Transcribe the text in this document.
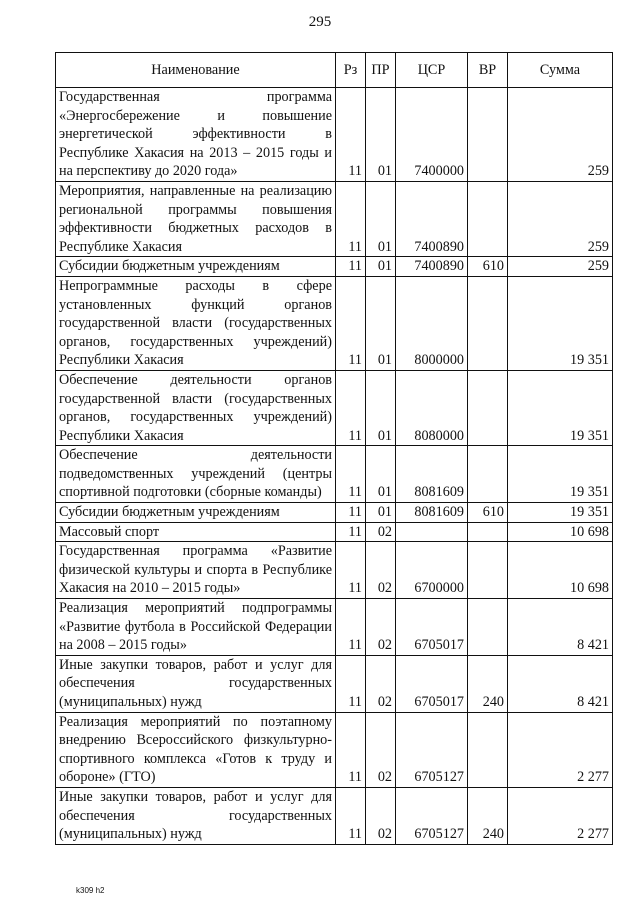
295
Наименование	Рз	ПР	ЦСР	ВР	Сумма
Государственная программа «Энергосбережение и повышение энергетической эффективности в Республике Хакасия на 2013 – 2015 годы и на перспективу до 2020 года»	11	01	7400000		259
Мероприятия, направленные на реализацию региональной программы повышения эффективности бюджетных расходов в Республике Хакасия	11	01	7400890		259
Субсидии бюджетным учреждениям	11	01	7400890	610	259
Непрограммные расходы в сфере установленных функций органов государственной власти (государственных органов, государственных учреждений) Республики Хакасия	11	01	8000000		19 351
Обеспечение деятельности органов государственной власти (государственных органов, государственных учреждений) Республики Хакасия	11	01	8080000		19 351
Обеспечение деятельности подведомственных учреждений (центры спортивной подготовки (сборные команды)	11	01	8081609		19 351
Субсидии бюджетным учреждениям	11	01	8081609	610	19 351
Массовый спорт	11	02			10 698
Государственная программа «Развитие физической культуры и спорта в Республике Хакасия на 2010 – 2015 годы»	11	02	6700000		10 698
Реализация мероприятий подпрограммы «Развитие футбола в Российской Федерации на 2008 – 2015 годы»	11	02	6705017		8 421
Иные закупки товаров, работ и услуг для обеспечения государственных (муниципальных) нужд	11	02	6705017	240	8 421
Реализация мероприятий по поэтапному внедрению Всероссийского физкультурно-спортивного комплекса «Готов к труду и обороне» (ГТО)	11	02	6705127		2 277
Иные закупки товаров, работ и услуг для обеспечения государственных (муниципальных) нужд	11	02	6705127	240	2 277
k309 h2
